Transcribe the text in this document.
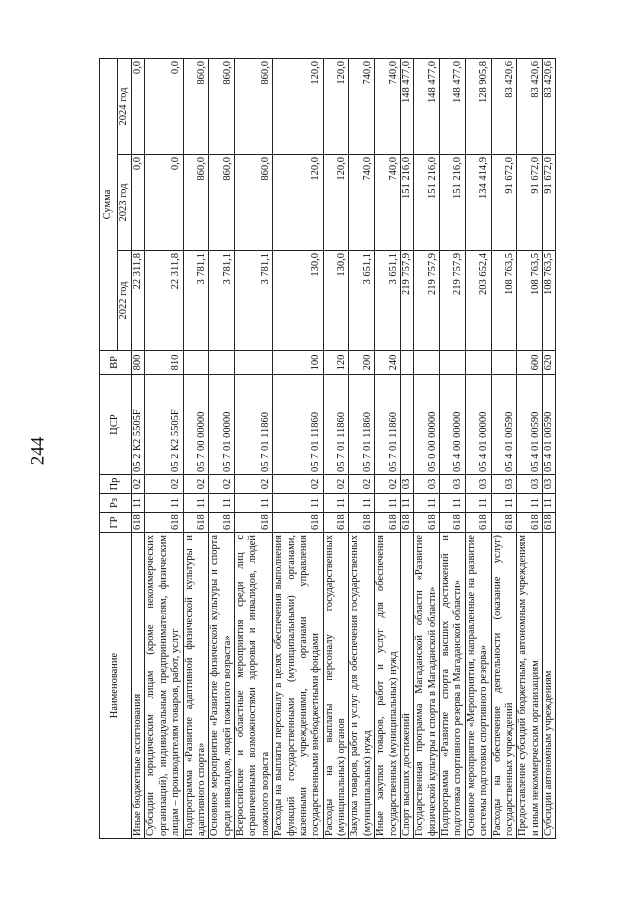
244
Наименование	ГР	Рз	Пр	ЦСР	ВР	Сумма		
						2022 год	2023 год	2024 год
Иные бюджетные ассигнования	618	11	02	05 2 К2 5505F	800	22 311,8	0,0	0,0
Субсидии юридическим лицам (кроме некоммерческих организаций), индивидуальным предпринимателям, физическим лицам – производителям товаров, работ, услуг	618	11	02	05 2 К2 5505F	810	22 311,8	0,0	0,0
Подпрограмма «Развитие адаптивной физической культуры и адаптивного спорта»	618	11	02	05 7 00 00000		3 781,1	860,0	860,0
Основное мероприятие «Развитие физической культуры и спорта среди инвалидов, людей пожилого возраста»	618	11	02	05 7 01 00000		3 781,1	860,0	860,0
Всероссийские и областные мероприятия среди лиц с ограниченными возможностями здоровья и инвалидов, людей пожилого возраста	618	11	02	05 7 01 11860		3 781,1	860,0	860,0
Расходы на выплаты персоналу в целях обеспечения выполнения функций государственными (муниципальными) органами, казенными учреждениями, органами управления государственными внебюджетными фондами	618	11	02	05 7 01 11860	100	130,0	120,0	120,0
Расходы на выплаты персоналу государственных (муниципальных) органов	618	11	02	05 7 01 11860	120	130,0	120,0	120,0
Закупка товаров, работ и услуг для обеспечения государственных (муниципальных) нужд	618	11	02	05 7 01 11860	200	3 651,1	740,0	740,0
Иные закупки товаров, работ и услуг для обеспечения государственных (муниципальных) нужд	618	11	02	05 7 01 11860	240	3 651,1	740,0	740,0
Спорт высших достижений	618	11	03			219 757,9	151 216,0	148 477,0
Государственная программа Магаданской области «Развитие физической культуры и спорта в Магаданской области»	618	11	03	05 0 00 00000		219 757,9	151 216,0	148 477,0
Подпрограмма «Развитие спорта высших достижений и подготовка спортивного резерва в Магаданской области»	618	11	03	05 4 00 00000		219 757,9	151 216,0	148 477,0
Основное мероприятие «Мероприятия, направленные на развитие системы подготовки спортивного резерва»	618	11	03	05 4 01 00000		203 652,4	134 414,9	128 905,8
Расходы на обеспечение деятельности (оказание услуг) государственных учреждений	618	11	03	05 4 01 00590		108 763,5	91 672,0	83 420,6
Предоставление субсидий бюджетным, автономным учреждениям и иным некоммерческим организациям	618	11	03	05 4 01 00590	600	108 763,5	91 672,0	83 420,6
Субсидии автономным учреждениям	618	11	03	05 4 01 00590	620	108 763,5	91 672,0	83 420,6
